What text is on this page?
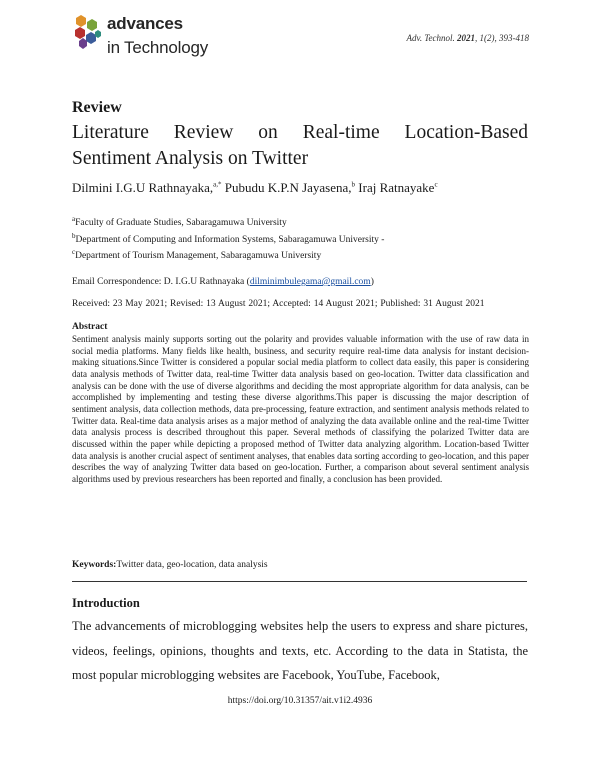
advances
in Technology	Adv. Technol. 2021, 1(2), 393-418
Review
Literature Review on Real-time Location-Based Sentiment Analysis on Twitter
Dilmini I.G.U Rathnayaka,$^{a,*}$ Pubudu K.P.N Jayasena,$^b$ Iraj Ratnayake$^c$
$^a$Faculty of Graduate Studies, Sabaragamuwa University
$^b$Department of Computing and Information Systems, Sabaragamuwa University -
$^c$Department of Tourism Management, Sabaragamuwa University
Email Correspondence: D. I.G.U Rathnayaka (dilminimbulegama@gmail.com)
Received: 23 May 2021; Revised: 13 August 2021; Accepted: 14 August 2021; Published: 31 August 2021
Abstract
Sentiment analysis mainly supports sorting out the polarity and provides valuable information with the use of raw data in social media platforms. Many fields like health, business, and security require real-time data analysis for instant decision-making situations.Since Twitter is considered a popular social media platform to collect data easily, this paper is considering data analysis methods of Twitter data, real-time Twitter data analysis based on geo-location. Twitter data classification and analysis can be done with the use of diverse algorithms and deciding the most appropriate algorithm for data analysis, can be accomplished by implementing and testing these diverse algorithms.This paper is discussing the major description of sentiment analysis, data collection methods, data pre-processing, feature extraction, and sentiment analysis methods related to Twitter data. Real-time data analysis arises as a major method of analyzing the data available online and the real-time Twitter data analysis process is described throughout this paper. Several methods of classifying the polarized Twitter data are discussed within the paper while depicting a proposed method of Twitter data analyzing algorithm. Location-based Twitter data analysis is another crucial aspect of sentiment analyses, that enables data sorting according to geo-location, and this paper describes the way of analyzing Twitter data based on geo-location. Further, a comparison about several sentiment analysis algorithms used by previous researchers has been reported and finally, a conclusion has been provided.
Keywords:Twitter data, geo-location, data analysis
Introduction
The advancements of microblogging websites help the users to express and share pictures, videos, feelings, opinions, thoughts and texts, etc. According to the data in Statista, the most popular microblogging websites are Facebook, YouTube, Facebook,
https://doi.org/10.31357/ait.v1i2.4936
